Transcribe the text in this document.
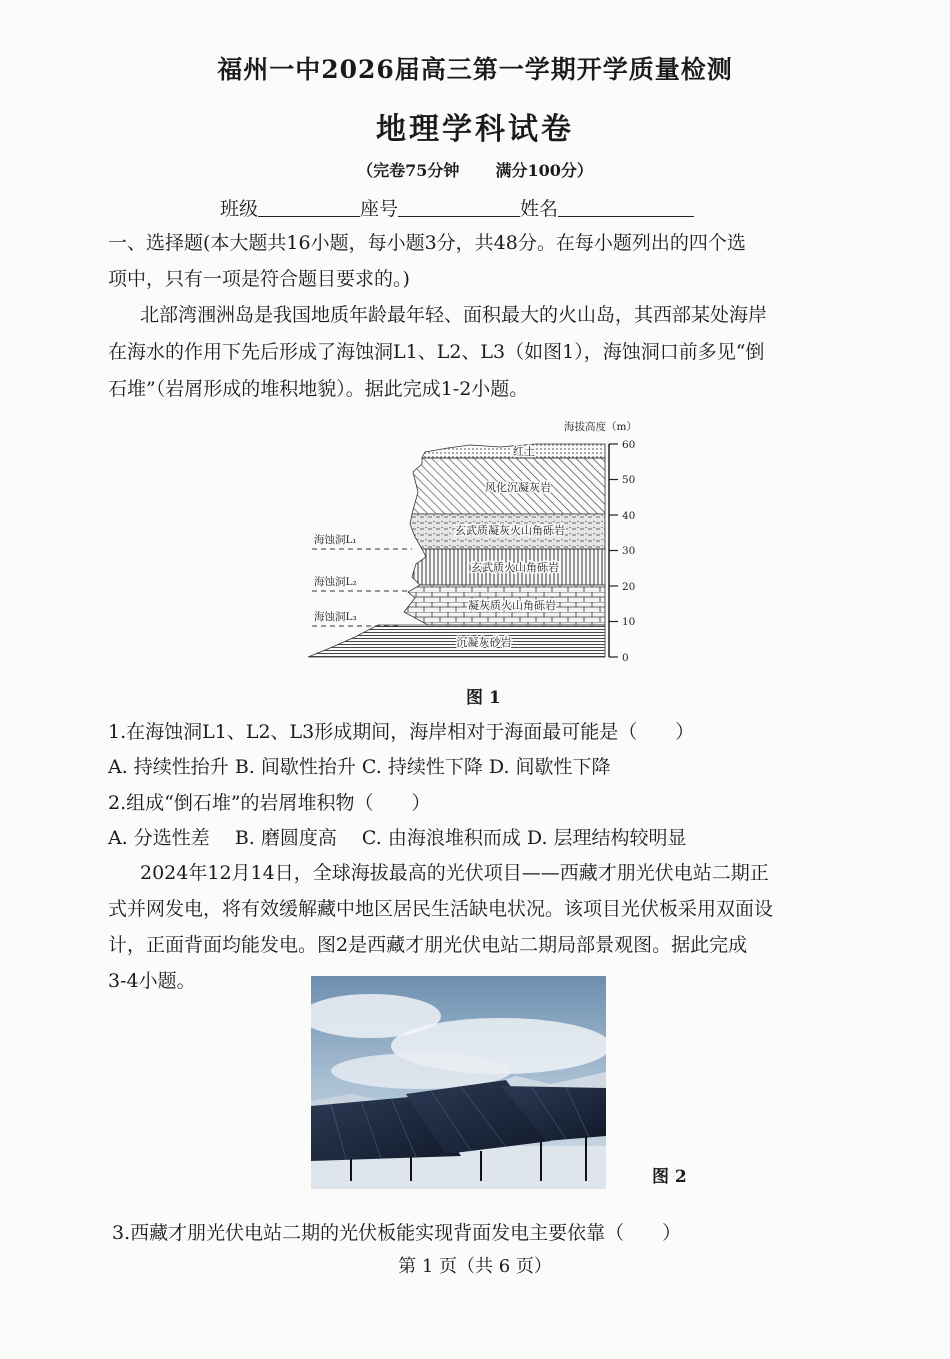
福州一中2026届高三第一学期开学质量检测
地理学科试卷
（完卷75分钟 满分100分）
班级	座号	姓名
一、选择题(本大题共16小题，每小题3分，共48分。在每小题列出的四个选
项中，只有一项是符合题目要求的。)
北部湾涠洲岛是我国地质年龄最年轻、面积最大的火山岛，其西部某处海岸
在海水的作用下先后形成了海蚀洞L1、L2、L3（如图1），海蚀洞口前多见“倒
石堆”（岩屑形成的堆积地貌）。据此完成1-2小题。
海拔高度（m）
60
50
40
30
20
10
0
红土
风化沉凝灰岩
玄武质凝灰火山角砾岩
玄武质火山角砾岩
凝灰质火山角砾岩
沉凝灰砂岩
海蚀洞L₁
海蚀洞L₂
海蚀洞L₃
图 1
1.在海蚀洞L1、L2、L3形成期间，海岸相对于海面最可能是（　　）
A. 持续性抬升 B. 间歇性抬升 C. 持续性下降 D. 间歇性下降
2.组成“倒石堆”的岩屑堆积物（　　）
A. 分选性差　 B. 磨圆度高　 C. 由海浪堆积而成 D. 层理结构较明显
2024年12月14日，全球海拔最高的光伏项目——西藏才朋光伏电站二期正
式并网发电，将有效缓解藏中地区居民生活缺电状况。该项目光伏板采用双面设
计，正面背面均能发电。图2是西藏才朋光伏电站二期局部景观图。据此完成
3-4小题。
图 2
3.西藏才朋光伏电站二期的光伏板能实现背面发电主要依靠（　　）
第 1 页（共 6 页）
